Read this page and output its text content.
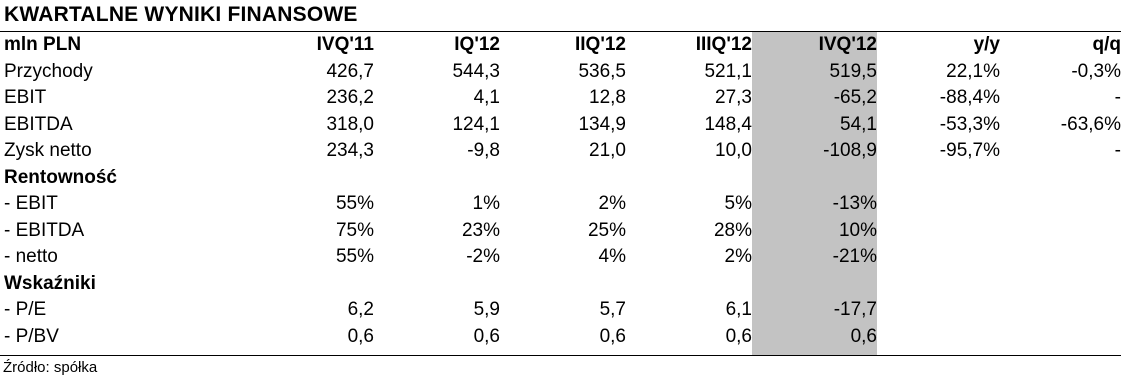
KWARTALNE WYNIKI FINANSOWE
mln PLN	IVQ'11	IQ'12	IIQ'12	IIIQ'12	IVQ'12	y/y	q/q
Przychody	426,7	544,3	536,5	521,1	519,5	22,1%	-0,3%
EBIT	236,2	4,1	12,8	27,3	-65,2	-88,4%	-
EBITDA	318,0	124,1	134,9	148,4	54,1	-53,3%	-63,6%
Zysk netto	234,3	-9,8	21,0	10,0	-108,9	-95,7%	-
Rentowność							
- EBIT	55%	1%	2%	5%	-13%		
- EBITDA	75%	23%	25%	28%	10%		
- netto	55%	-2%	4%	2%	-21%		
Wskaźniki							
- P/E	6,2	5,9	5,7	6,1	-17,7		
- P/BV	0,6	0,6	0,6	0,6	0,6		
Źródło: spółka
